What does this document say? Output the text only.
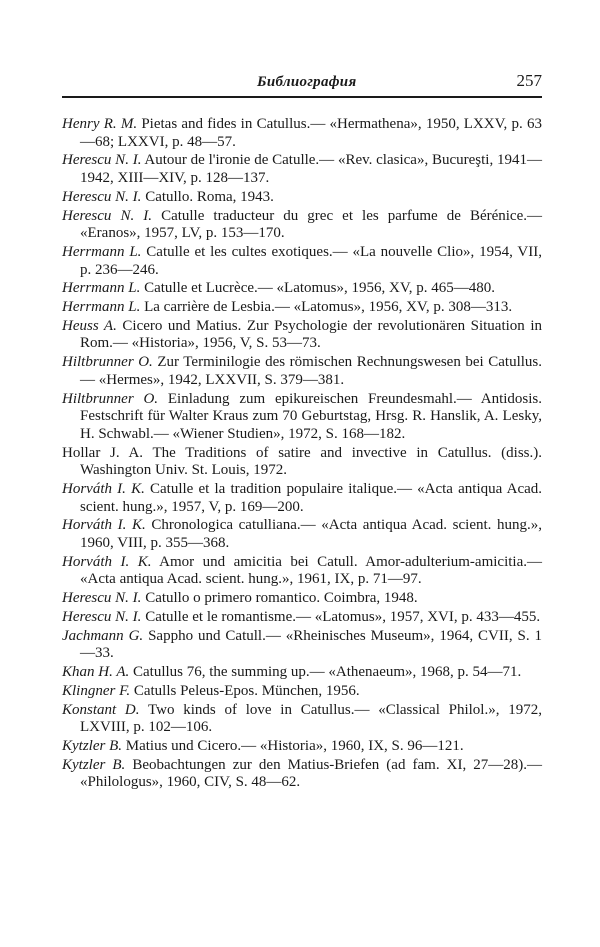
Библиография	257

Henry R. M. Pietas and fides in Catullus.— «Hermathena», 1950, LXXV, p. 63—68; LXXVI, p. 48—57.

Herescu N. I. Autour de l'ironie de Catulle.— «Rev. clasica», Bucureşti, 1941—1942, XIII—XIV, p. 128—137.

Herescu N. I. Catullo. Roma, 1943.

Herescu N. I. Catulle traducteur du grec et les parfume de Bérénice.— «Eranos», 1957, LV, p. 153—170.

Herrmann L. Catulle et les cultes exotiques.— «La nouvelle Clio», 1954, VII, p. 236—246.

Herrmann L. Catulle et Lucrèce.— «Latomus», 1956, XV, p. 465—480.

Herrmann L. La carrière de Lesbia.— «Latomus», 1956, XV, p. 308—313.

Heuss A. Cicero und Matius. Zur Psychologie der revolutionären Situation in Rom.— «Historia», 1956, V, S. 53—73.

Hiltbrunner O. Zur Terminilogie des römischen Rechnungswesen bei Catullus.— «Hermes», 1942, LXXVII, S. 379—381.

Hiltbrunner O. Einladung zum epikureischen Freundesmahl.— Antidosis. Festschrift für Walter Kraus zum 70 Geburtstag, Hrsg. R. Hanslik, A. Lesky, H. Schwabl.— «Wiener Studien», 1972, S. 168—182.

Hollar J. A. The Traditions of satire and invective in Catullus. (diss.). Washington Univ. St. Louis, 1972.

Horváth I. K. Catulle et la tradition populaire italique.— «Acta antiqua Acad. scient. hung.», 1957, V, p. 169—200.

Horváth I. K. Chronologica catulliana.— «Acta antiqua Acad. scient. hung.», 1960, VIII, p. 355—368.

Horváth I. K. Amor und amicitia bei Catull. Amor-adulterium-amicitia.— «Acta antiqua Acad. scient. hung.», 1961, IX, p. 71—97.

Herescu N. I. Catullo o primero romantico. Coimbra, 1948.

Herescu N. I. Catulle et le romantisme.— «Latomus», 1957, XVI, p. 433—455.

Jachmann G. Sappho und Catull.— «Rheinisches Museum», 1964, CVII, S. 1—33.

Khan H. A. Catullus 76, the summing up.— «Athenaeum», 1968, p. 54—71.

Klingner F. Catulls Peleus-Epos. München, 1956.

Konstant D. Two kinds of love in Catullus.— «Classical Philol.», 1972, LXVIII, p. 102—106.

Kytzler B. Matius und Cicero.— «Historia», 1960, IX, S. 96—121.

Kytzler B. Beobachtungen zur den Matius-Briefen (ad fam. XI, 27—28).— «Philologus», 1960, CIV, S. 48—62.
